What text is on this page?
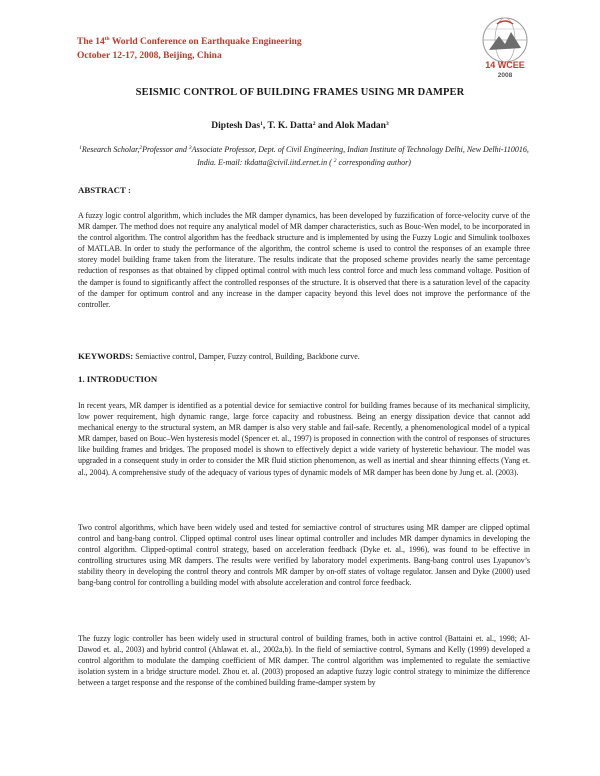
The 14th World Conference on Earthquake Engineering
October 12-17, 2008, Beijing, China
14 WCEE
2008
SEISMIC CONTROL OF BUILDING FRAMES USING MR DAMPER
Diptesh Das$^1$, T. K. Datta$^2$ and Alok Madan$^3$
$^1$Research Scholar,$^2$Professor and $^3$Associate Professor, Dept. of Civil Engineering, Indian Institute of Technology Delhi, New Delhi-110016, India. E-mail: tkdatta@civil.iitd.ernet.in ( $^2$ corresponding author)
ABSTRACT :
A fuzzy logic control algorithm, which includes the MR damper dynamics, has been developed by fuzzification of force-velocity curve of the MR damper. The method does not require any analytical model of MR damper characteristics, such as Bouc-Wen model, to be incorporated in the control algorithm. The control algorithm has the feedback structure and is implemented by using the Fuzzy Logic and Simulink toolboxes of MATLAB. In order to study the performance of the algorithm, the control scheme is used to control the responses of an example three storey model building frame taken from the literature. The results indicate that the proposed scheme provides nearly the same percentage reduction of responses as that obtained by clipped optimal control with much less control force and much less command voltage. Position of the damper is found to significantly affect the controlled responses of the structure. It is observed that there is a saturation level of the capacity of the damper for optimum control and any increase in the damper capacity beyond this level does not improve the performance of the controller.
KEYWORDS: Semiactive control, Damper, Fuzzy control, Building, Backbone curve.
1. INTRODUCTION
In recent years, MR damper is identified as a potential device for semiactive control for building frames because of its mechanical simplicity, low power requirement, high dynamic range, large force capacity and robustness. Being an energy dissipation device that cannot add mechanical energy to the structural system, an MR damper is also very stable and fail-safe. Recently, a phenomenological model of a typical MR damper, based on Bouc–Wen hysteresis model (Spencer et. al., 1997) is proposed in connection with the control of responses of structures like building frames and bridges. The proposed model is shown to effectively depict a wide variety of hysteretic behaviour. The model was upgraded in a consequent study in order to consider the MR fluid stiction phenomenon, as well as inertial and shear thinning effects (Yang et. al., 2004). A comprehensive study of the adequacy of various types of dynamic models of MR damper has been done by Jung et. al. (2003).
Two control algorithms, which have been widely used and tested for semiactive control of structures using MR damper are clipped optimal control and bang-bang control. Clipped optimal control uses linear optimal controller and includes MR damper dynamics in developing the control algorithm. Clipped-optimal control strategy, based on acceleration feedback (Dyke et. al., 1996), was found to be effective in controlling structures using MR dampers. The results were verified by laboratory model experiments. Bang-bang control uses Lyapunov’s stability theory in developing the control theory and controls MR damper by on-off states of voltage regulator. Jansen and Dyke (2000) used bang-bang control for controlling a building model with absolute acceleration and control force feedback.
The fuzzy logic controller has been widely used in structural control of building frames, both in active control (Battaini et. al., 1998; Al-Dawod et. al., 2003) and hybrid control (Ahlawat et. al., 2002a,b). In the field of semiactive control, Symans and Kelly (1999) developed a control algorithm to modulate the damping coefficient of MR damper. The control algorithm was implemented to regulate the semiactive isolation system in a bridge structure model. Zhou et. al. (2003) proposed an adaptive fuzzy logic control strategy to minimize the difference between a target response and the response of the combined building frame-damper system by
